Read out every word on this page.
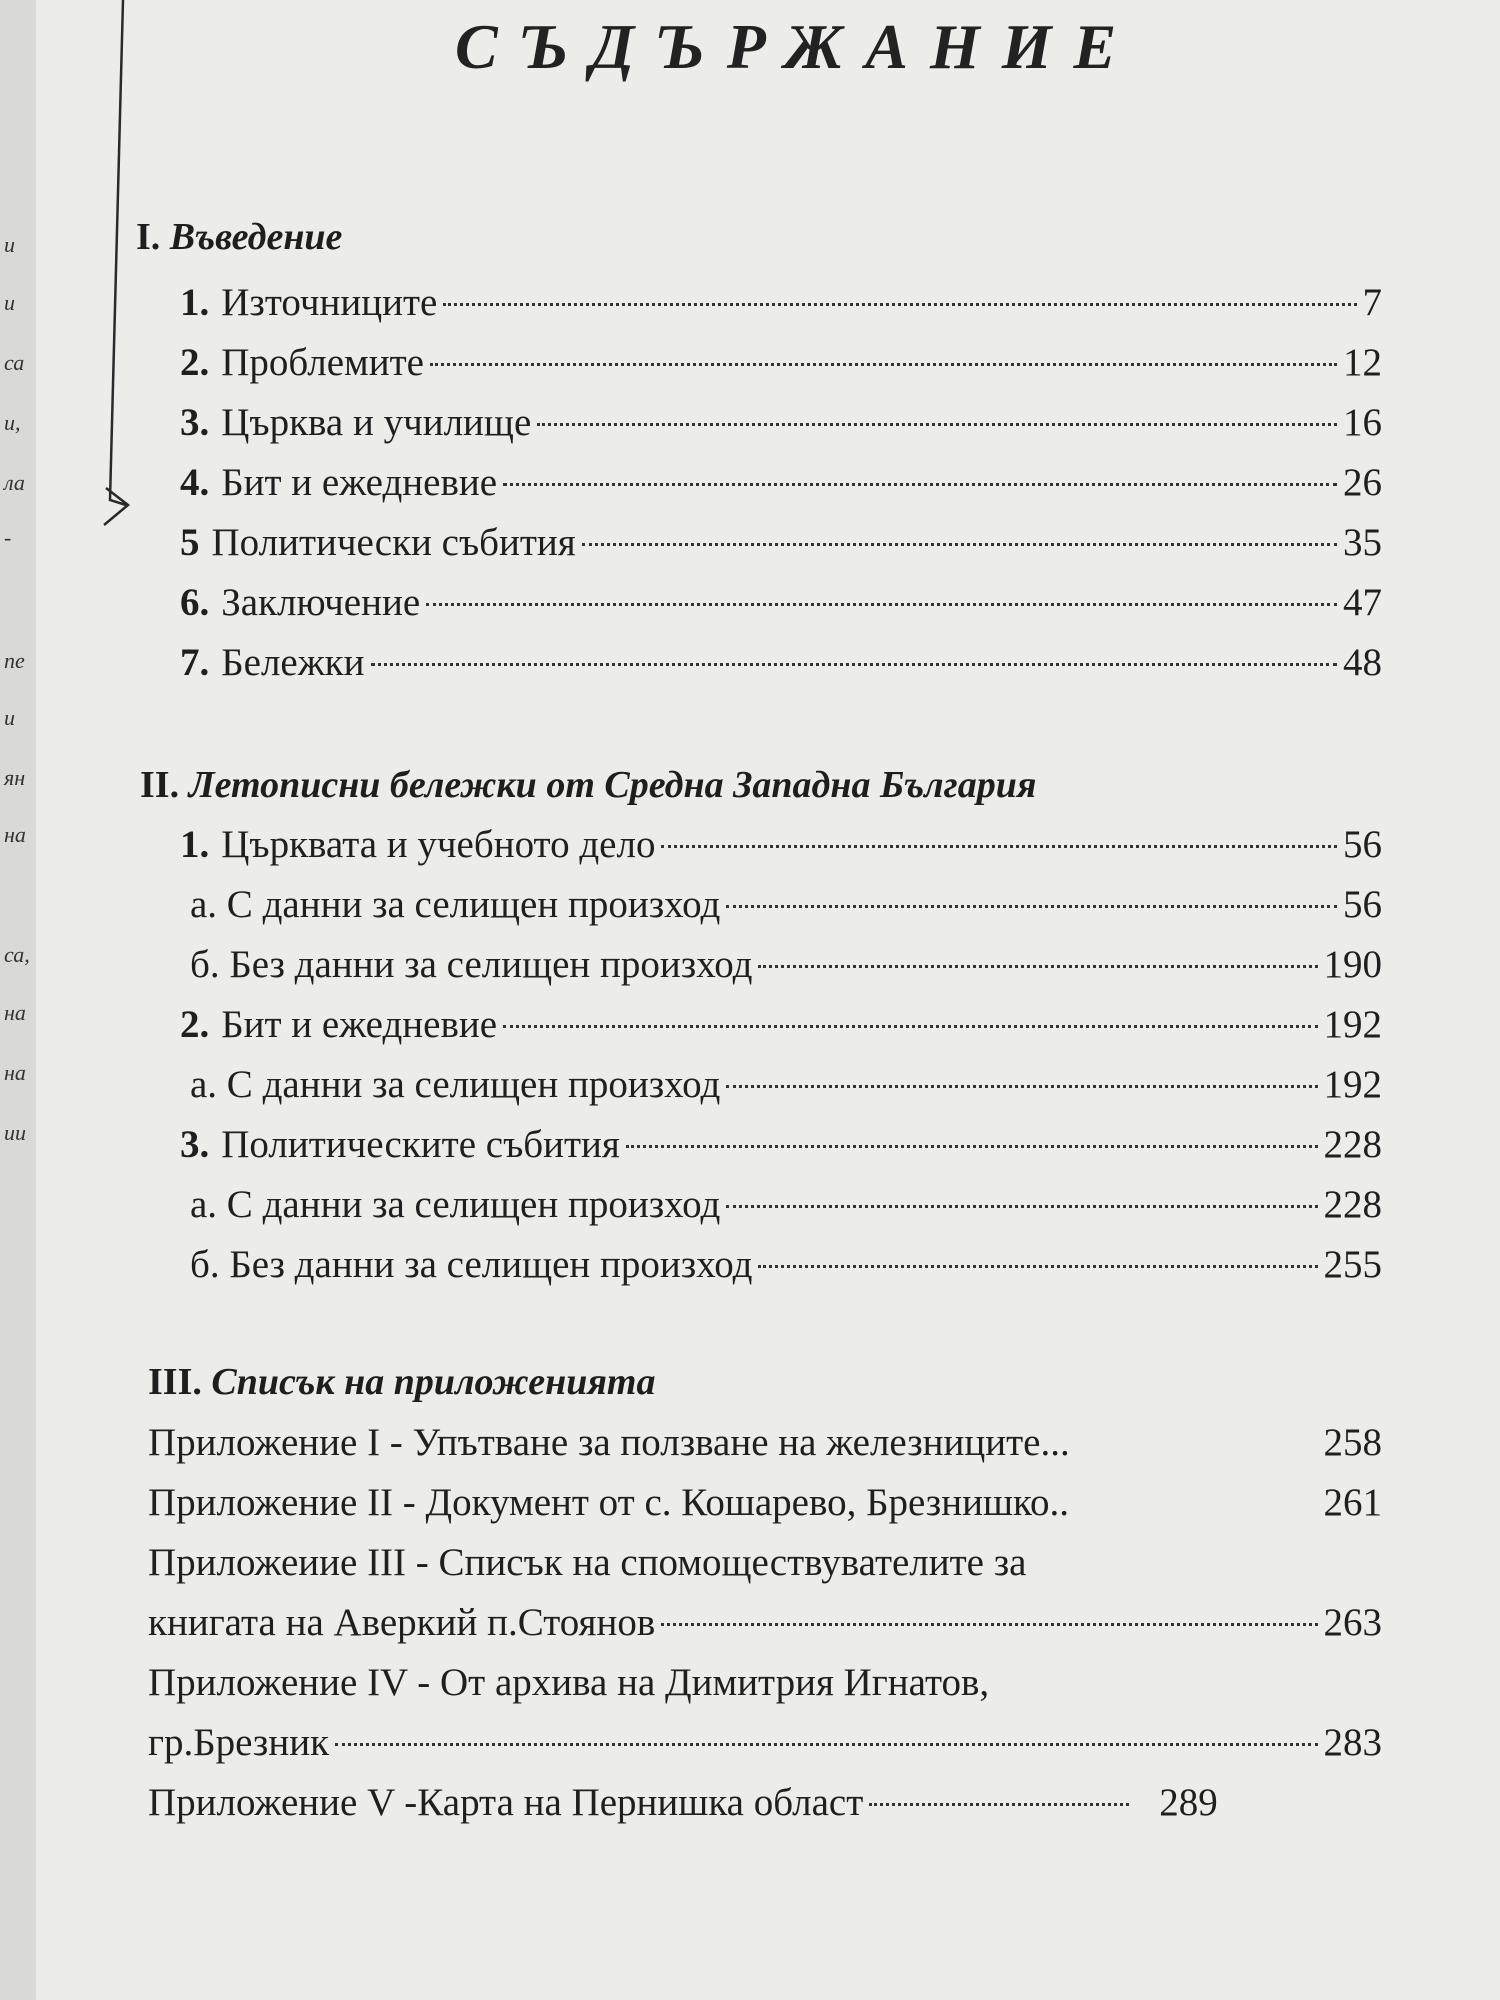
и
и
са
и,
ла
-
пе
и
ян
на
са,
на
на
ии
СЪДЪРЖАНИЕ
I. Въведение
1. Източниците	7
2. Проблемите	12
3. Църква и училище	16
4. Бит и ежедневие	26
5 Политически събития	35
6. Заключение	47
7. Бележки	48
II. Летописни бележки от Средна Западна България
1. Църквата и учебното дело	56
а. С данни за селищен произход	56
б. Без данни за селищен произход	190
2. Бит и ежедневие	192
а. С данни за селищен произход	192
3. Политическите събития	228
а. С данни за селищен произход	228
б. Без данни за селищен произход	255
III. Списък на приложенията
Приложение I - Упътване за ползване на железниците...	258
Приложение II - Документ от с. Кошарево, Брезнишко..	261
Приложеиие III - Списък на спомоществувателите за
книгата на Аверкий п.Стоянов	263
Приложение IV - От архива на Димитрия Игнатов,
гр.Брезник	283
Приложение V -Карта на Пернишка област	289
